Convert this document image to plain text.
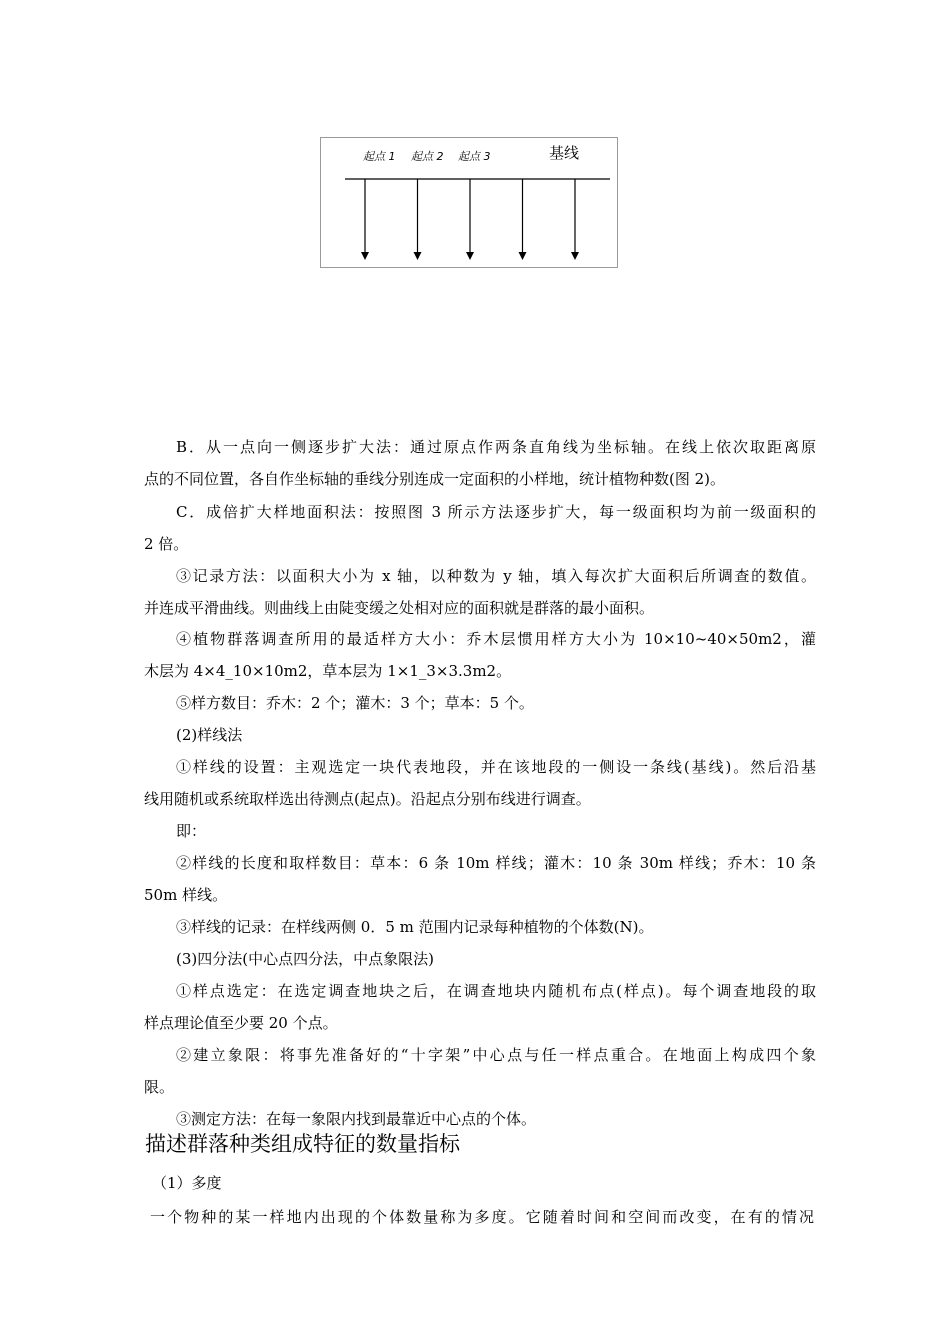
起点 1 起点 2 起点 3	基线
B．从一点向一侧逐步扩大法：通过原点作两条直角线为坐标轴。在线上依次取距离原
点的不同位置，各自作坐标轴的垂线分别连成一定面积的小样地，统计植物种数(图 2)。
C．成倍扩大样地面积法：按照图 3 所示方法逐步扩大，每一级面积均为前一级面积的
2 倍。
③记录方法：以面积大小为 x 轴，以种数为 y 轴，填入每次扩大面积后所调查的数值。
并连成平滑曲线。则曲线上由陡变缓之处相对应的面积就是群落的最小面积。
④植物群落调查所用的最适样方大小：乔木层惯用样方大小为 10×10~40×50m2，灌
木层为 4×4_10×10m2，草本层为 1×1_3×3.3m2。
⑤样方数目：乔木：2 个；灌木：3 个；草本：5 个。
(2)样线法
①样线的设置：主观选定一块代表地段，并在该地段的一侧设一条线(基线)。然后沿基
线用随机或系统取样选出待测点(起点)。沿起点分别布线进行调查。
即：
②样线的长度和取样数目：草本：6 条 10m 样线；灌木：10 条 30m 样线；乔木：10 条
50m 样线。
③样线的记录：在样线两侧 0．5 m 范围内记录每种植物的个体数(N)。
(3)四分法(中心点四分法，中点象限法)
①样点选定：在选定调查地块之后，在调查地块内随机布点(样点)。每个调查地段的取
样点理论值至少要 20 个点。
②建立象限：将事先准备好的“十字架”中心点与任一样点重合。在地面上构成四个象
限。
③测定方法：在每一象限内找到最靠近中心点的个体。
描述群落种类组成特征的数量指标
（1）多度
一个物种的某一样地内出现的个体数量称为多度。它随着时间和空间而改变，在有的情况
